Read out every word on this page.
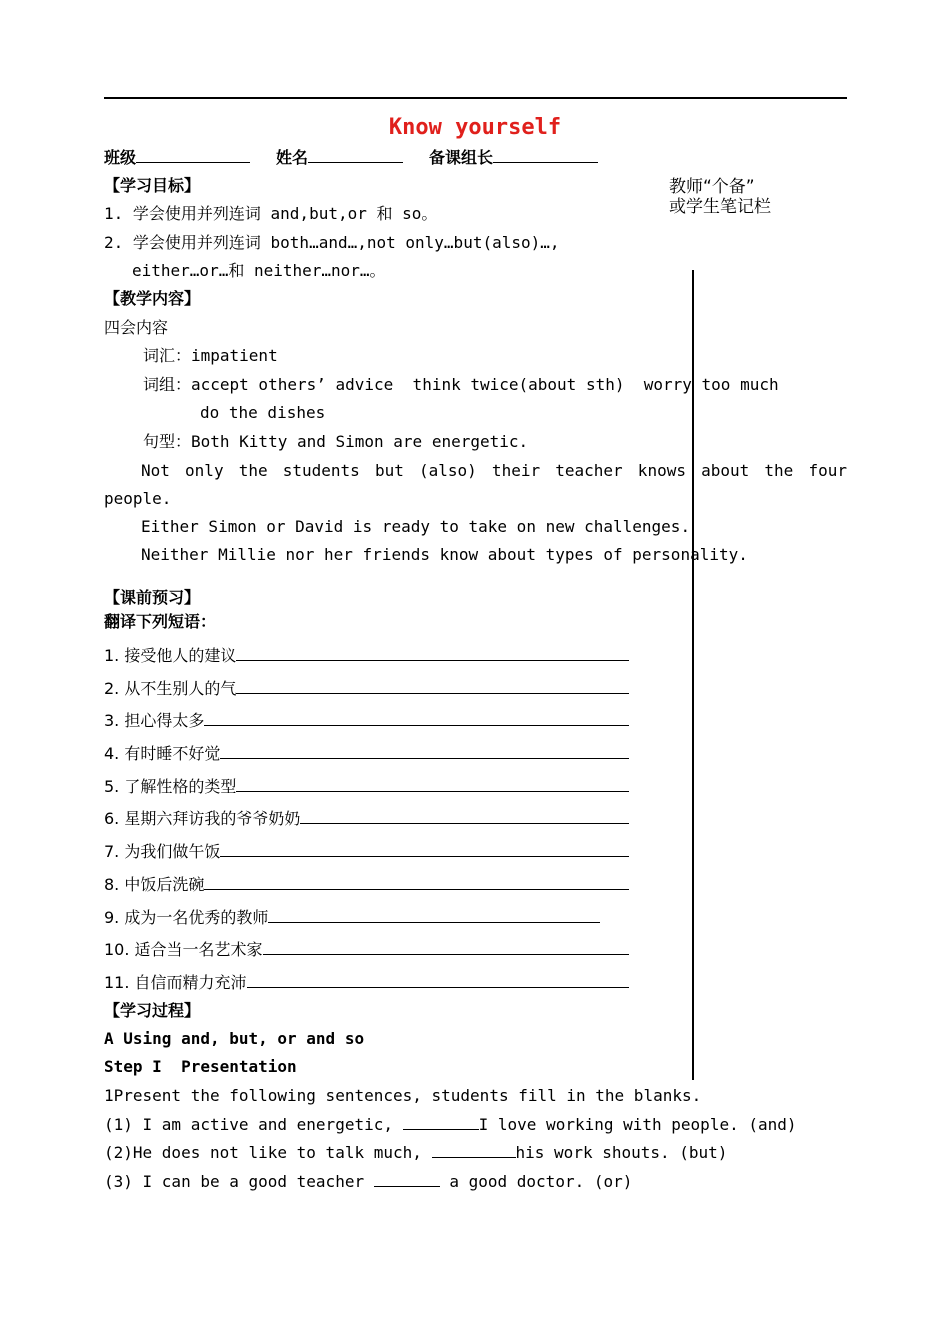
Know yourself
班级	姓名	备课组长
教师“个备”
或学生笔记栏
【学习目标】
1. 学会使用并列连词 and,but,or 和 so。
2. 学会使用并列连词 both…and…,not only…but(also)…,
either…or…和 neither…nor…。
【教学内容】
四会内容
词汇：impatient
词组：accept others’ advice  think twice(about sth)  worry too much
do the dishes
句型：Both Kitty and Simon are energetic.
Not only the students but (also) their teacher knows about the four
people.
Either Simon or David is ready to take on new challenges.
Neither Millie nor her friends know about types of personality.
【课前预习】
翻译下列短语：
1. 接受他人的建议
2. 从不生别人的气
3. 担心得太多
4. 有时睡不好觉
5. 了解性格的类型
6. 星期六拜访我的爷爷奶奶
7. 为我们做午饭
8. 中饭后洗碗
9. 成为一名优秀的教师
10. 适合当一名艺术家
11. 自信而精力充沛
【学习过程】
A Using and, but, or and so
Step I  Presentation
1Present the following sentences, students fill in the blanks.
(1) I am active and energetic,	I love working with people. (and)
(2)He does not like to talk much,	his work shouts. (but)
(3) I can be a good teacher	a good doctor. (or)
